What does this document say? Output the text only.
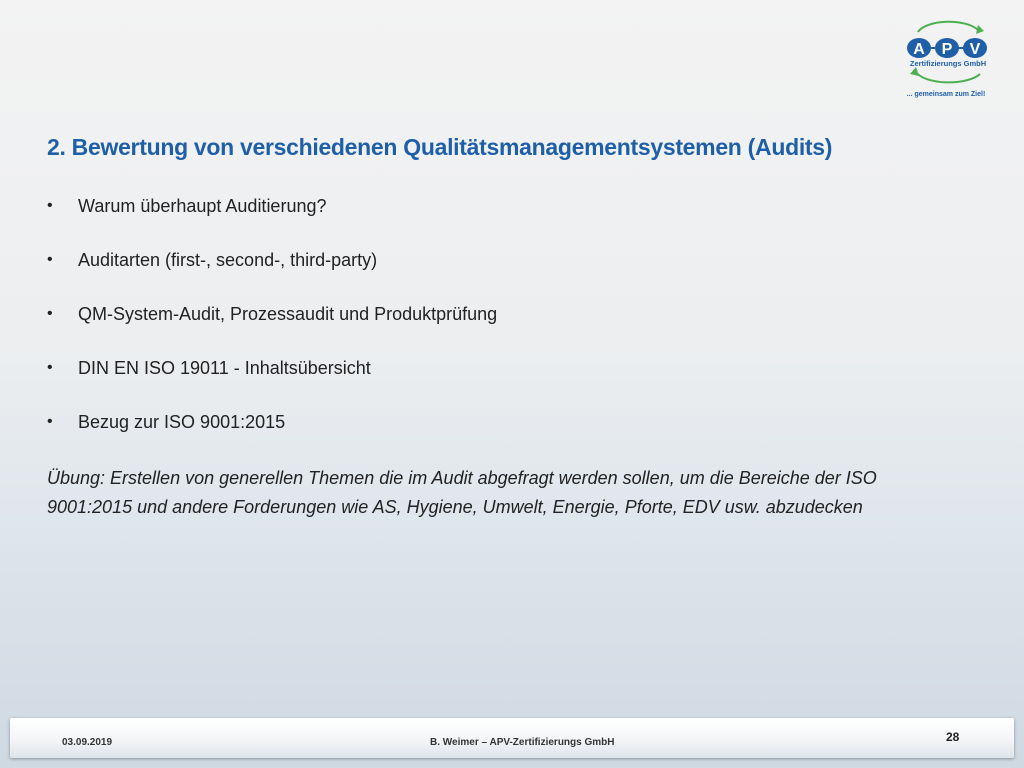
A P V
Zertifizierungs GmbH
... gemeinsam zum Ziel!
2. Bewertung von verschiedenen Qualitätsmanagementsystemen (Audits)
• Warum überhaupt Auditierung?
• Auditarten (first-, second-, third-party)
• QM-System-Audit, Prozessaudit und Produktprüfung
• DIN EN ISO 19011 - Inhaltsübersicht
• Bezug zur ISO 9001:2015

Übung: Erstellen von generellen Themen die im Audit abgefragt werden sollen, um die Bereiche der ISO 9001:2015 und andere Forderungen wie AS, Hygiene, Umwelt, Energie, Pforte, EDV usw. abzudecken

03.09.2019	B. Weimer – APV-Zertifizierungs GmbH	28
